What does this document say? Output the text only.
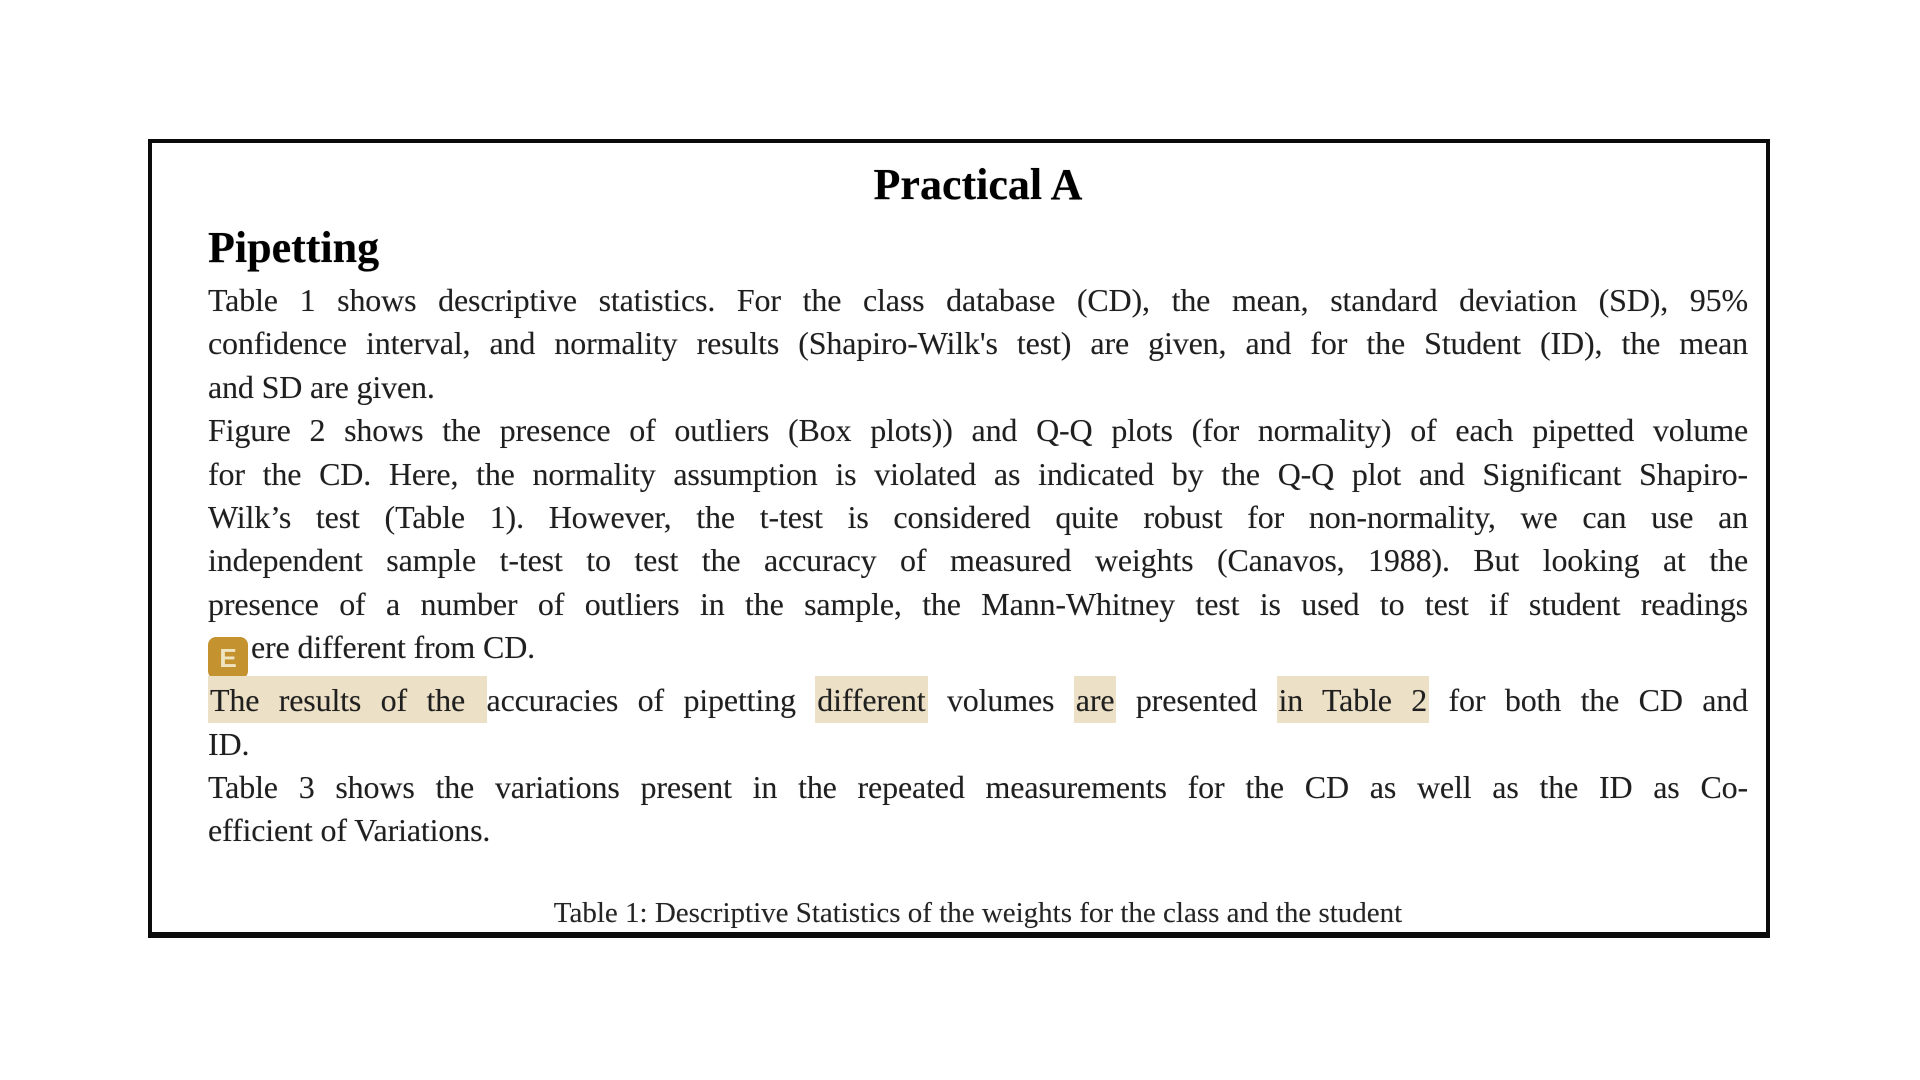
Practical A
Pipetting
Table 1 shows descriptive statistics. For the class database (CD), the mean, standard deviation (SD), 95%
confidence interval, and normality results (Shapiro-Wilk's test) are given, and for the Student (ID), the mean
and SD are given.
Figure 2 shows the presence of outliers (Box plots)) and Q-Q plots (for normality) of each pipetted volume
for the CD. Here, the normality assumption is violated as indicated by the Q-Q plot and Significant Shapiro-
Wilk’s test (Table 1). However, the t-test is considered quite robust for non-normality, we can use an
independent sample t-test to test the accuracy of measured weights (Canavos, 1988). But looking at the
presence of a number of outliers in the sample, the Mann-Whitney test is used to test if student readings
E ere different from CD.
The results of the accuracies of pipetting different volumes are presented in Table 2 for both the CD and
ID.
Table 3 shows the variations present in the repeated measurements for the CD as well as the ID as Co-
efficient of Variations.
Table 1: Descriptive Statistics of the weights for the class and the student
